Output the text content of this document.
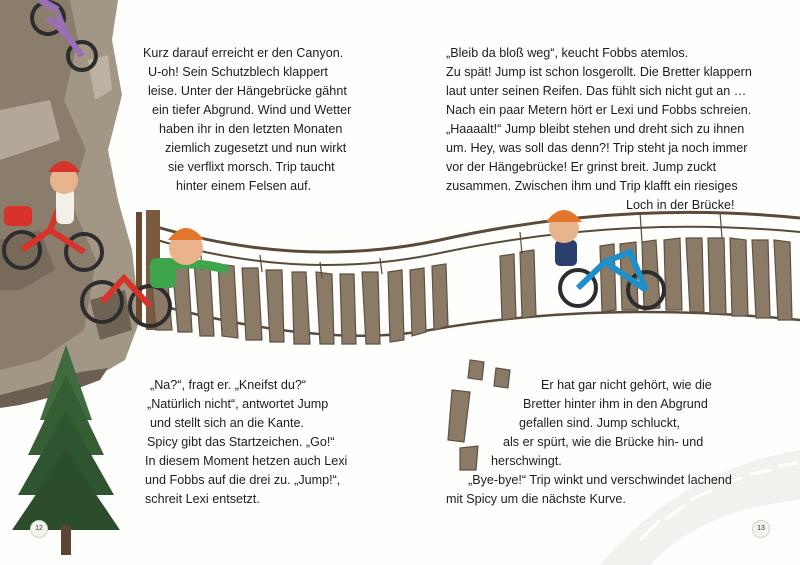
Kurz darauf erreicht er den Canyon.
U-oh! Sein Schutzblech klappert
leise. Unter der Hängebrücke gähnt
ein tiefer Abgrund. Wind und Wetter
haben ihr in den letzten Monaten
ziemlich zugesetzt und nun wirkt
sie verflixt morsch. Trip taucht
hinter einem Felsen auf.
„Na?“, fragt er. „Kneifst du?“
„Natürlich nicht“, antwortet Jump
und stellt sich an die Kante.
Spicy gibt das Startzeichen. „Go!“
In diesem Moment hetzen auch Lexi
und Fobbs auf die drei zu. „Jump!“,
schreit Lexi entsetzt.
„Bleib da bloß weg“, keucht Fobbs atemlos.
Zu spät! Jump ist schon losgerollt. Die Bretter klappern
laut unter seinen Reifen. Das fühlt sich nicht gut an …
Nach ein paar Metern hört er Lexi und Fobbs schreien.
„Haaaalt!“ Jump bleibt stehen und dreht sich zu ihnen
um. Hey, was soll das denn?! Trip steht ja noch immer
vor der Hängebrücke! Er grinst breit. Jump zuckt
zusammen. Zwischen ihm und Trip klafft ein riesiges
Loch in der Brücke!
Er hat gar nicht gehört, wie die
Bretter hinter ihm in den Abgrund
gefallen sind. Jump schluckt,
als er spürt, wie die Brücke hin- und
herschwingt.
„Bye-bye!“ Trip winkt und verschwindet lachend
mit Spicy um die nächste Kurve.
12	13
